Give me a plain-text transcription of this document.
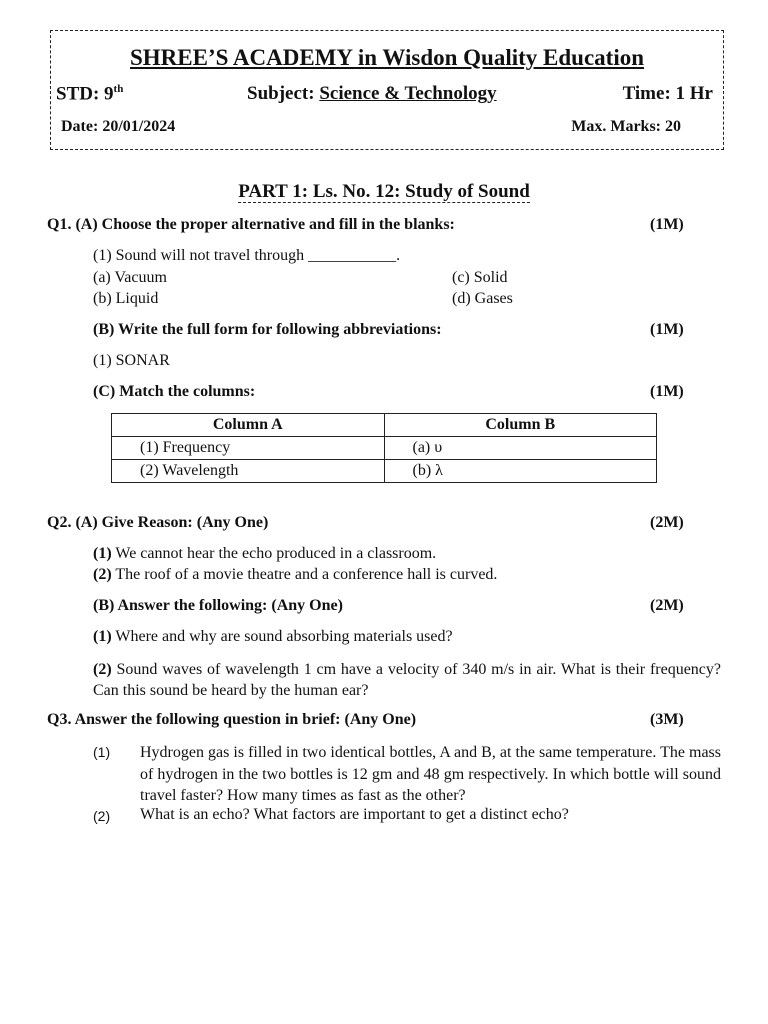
SHREE’S ACADEMY in Wisdon Quality Education
STD: 9th	Subject: Science & Technology	Time: 1 Hr
Date: 20/01/2024	Max. Marks: 20
PART 1: Ls. No. 12: Study of Sound
Q1. (A) Choose the proper alternative and fill in the blanks:	(1M)
(1) Sound will not travel through ___________.
(a) Vacuum
(b) Liquid
(c) Solid
(d) Gases
(B) Write the full form for following abbreviations:	(1M)
(1) SONAR
(C) Match the columns:	(1M)
Column A	Column B
(1) Frequency	(a) υ
(2) Wavelength	(b) λ
Q2. (A) Give Reason: (Any One)	(2M)
(1) We cannot hear the echo produced in a classroom.
(2) The roof of a movie theatre and a conference hall is curved.
(B) Answer the following: (Any One)	(2M)
(1) Where and why are sound absorbing materials used?
(2) Sound waves of wavelength 1 cm have a velocity of 340 m/s in air. What is their frequency? Can this sound be heard by the human ear?
Q3. Answer the following question in brief: (Any One)	(3M)
(1) Hydrogen gas is filled in two identical bottles, A and B, at the same temperature. The mass of hydrogen in the two bottles is 12 gm and 48 gm respectively. In which bottle will sound travel faster? How many times as fast as the other?
(2) What is an echo? What factors are important to get a distinct echo?
